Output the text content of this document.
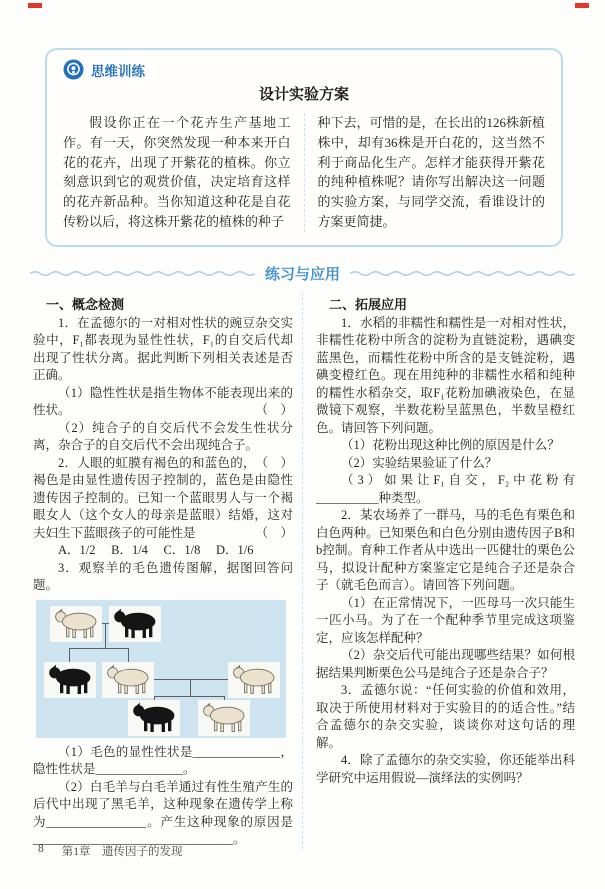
思维训练
设计实验方案

假设你正在一个花卉生产基地工作。有一天，你突然发现一种本来开白花的花卉，出现了开紫花的植株。你立刻意识到它的观赏价值，决定培育这样的花卉新品种。当你知道这种花是自花传粉以后，将这株开紫花的植株的种子

种下去，可惜的是，在长出的126株新植株中，却有36株是开白花的，这当然不利于商品化生产。怎样才能获得开紫花的纯种植株呢？请你写出解决这一问题的实验方案，与同学交流，看谁设计的方案更简捷。

练习与应用
一、概念检测

1．在孟德尔的一对相对性状的豌豆杂交实验中，F₁都表现为显性性状，F₁的自交后代却出现了性状分离。据此判断下列相关表述是否正确。

（1）隐性性状是指生物体不能表现出来的性状。	（　）

（2）纯合子的自交后代不会发生性状分离，杂合子的自交后代不会出现纯合子。
（　）

2．人眼的虹膜有褐色的和蓝色的，褐色是由显性遗传因子控制的，蓝色是由隐性遗传因子控制的。已知一个蓝眼男人与一个褐眼女人（这个女人的母亲是蓝眼）结婚，这对夫妇生下蓝眼孩子的可能性是	（　）

A．1/2　 B．1/4　 C．1/8　 D．1/6

3．观察羊的毛色遗传图解，据图回答问题。

（1）毛色的显性性状是______________，隐性性状是______________。

（2）白毛羊与白毛羊通过有性生殖产生的后代中出现了黑毛羊，这种现象在遗传学上称为________________。产生这种现象的原因是________________________________。

二、拓展应用

1．水稻的非糯性和糯性是一对相对性状，非糯性花粉中所含的淀粉为直链淀粉，遇碘变蓝黑色，而糯性花粉中所含的是支链淀粉，遇碘变橙红色。现在用纯种的非糯性水稻和纯种的糯性水稻杂交，取F₁花粉加碘液染色，在显微镜下观察，半数花粉呈蓝黑色，半数呈橙红色。请回答下列问题。

（1）花粉出现这种比例的原因是什么？

（2）实验结果验证了什么？

（3）如果让F₁自交，F₂中花粉有__________种类型。

2．某农场养了一群马，马的毛色有栗色和白色两种。已知栗色和白色分别由遗传因子B和b控制。育种工作者从中选出一匹健壮的栗色公马，拟设计配种方案鉴定它是纯合子还是杂合子（就毛色而言）。请回答下列问题。

（1）在正常情况下，一匹母马一次只能生一匹小马。为了在一个配种季节里完成这项鉴定，应该怎样配种？

（2）杂交后代可能出现哪些结果？如何根据结果判断栗色公马是纯合子还是杂合子？

3．孟德尔说：“任何实验的价值和效用，取决于所使用材料对于实验目的的适合性。”结合孟德尔的杂交实验，谈谈你对这句话的理解。

4．除了孟德尔的杂交实验，你还能举出科学研究中运用假说—演绎法的实例吗？

8 第1章　遗传因子的发现
